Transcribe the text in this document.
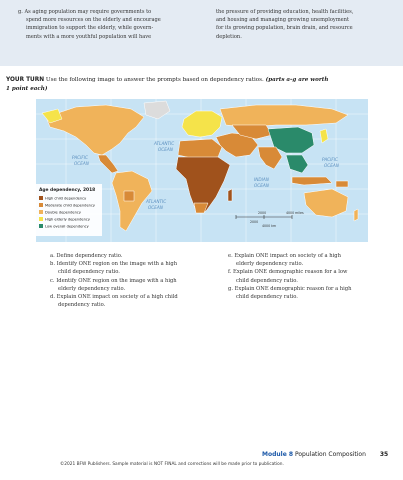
g. As aging population may require governments to
spend more resources on the elderly and encourage
immigration to support the elderly, while govern-
ments with a more youthful population will have
the pressure of providing education, health facilities,
and housing and managing growing unemployment
for its growing population, brain drain, and resource
depletion.
YOUR TURN Use the following image to answer the prompts based on dependency ratios. (parts a-g are worth
1 point each)
ATLANTIC
OCEAN
PACIFIC
OCEAN
PACIFIC
OCEAN
INDIAN
OCEAN
ATLANTIC
OCEAN
Age dependency, 2018
High child dependency
Moderate child dependency
Double dependency
High elderly dependency
Low overall dependency
2000	4000 miles
2000
4000 km
a. Define dependency ratio.
b. Identify ONE region on the image with a high
child dependency ratio.
c. Identify ONE region on the image with a high
elderly dependency ratio.
d. Explain ONE impact on society of a high child
dependency ratio.
e. Explain ONE impact on society of a high
elderly dependency ratio.
f. Explain ONE demographic reason for a low
child dependency ratio.
g. Explain ONE demographic reason for a high
child dependency ratio.
Module 8 Population Composition 35
©2021 BFW Publishers. Sample material is NOT FINAL and corrections will be made prior to publication.
